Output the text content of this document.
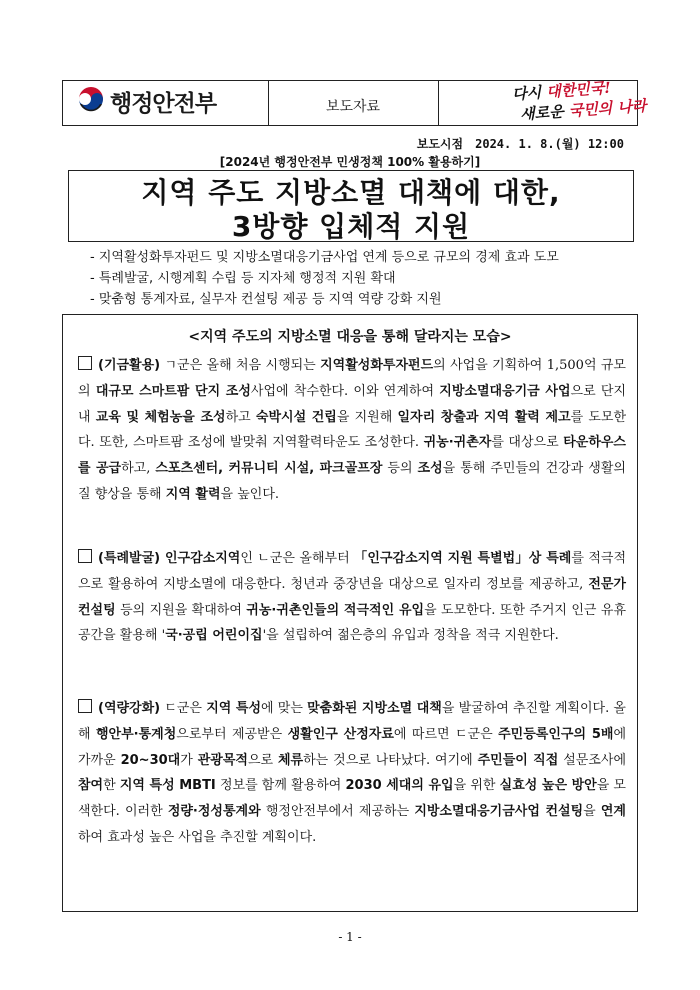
행정안전부	보도자료
다시 대한민국!
새로운 국민의 나라
보도시점 2024. 1. 8.(월) 12:00
[2024년 행정안전부 민생정책 100% 활용하기]
지역 주도 지방소멸 대책에 대한,
3방향 입체적 지원
- 지역활성화투자펀드 및 지방소멸대응기금사업 연계 등으로 규모의 경제 효과 도모
- 특례발굴, 시행계획 수립 등 지자체 행정적 지원 확대
- 맞춤형 통계자료, 실무자 컨설팅 제공 등 지역 역량 강화 지원
<지역 주도의 지방소멸 대응을 통해 달라지는 모습>

(기금활용) ㄱ군은 올해 처음 시행되는 지역활성화투자펀드의 사업을 기획하여 1,500억 규모의 대규모 스마트팜 단지 조성사업에 착수한다. 이와 연계하여 지방소멸대응기금 사업으로 단지 내 교육 및 체험농을 조성하고 숙박시설 건립을 지원해 일자리 창출과 지역 활력 제고를 도모한다. 또한, 스마트팜 조성에 발맞춰 지역활력타운도 조성한다. 귀농·귀촌자를 대상으로 타운하우스를 공급하고, 스포츠센터, 커뮤니티 시설, 파크골프장 등의 조성을 통해 주민들의 건강과 생활의 질 향상을 통해 지역 활력을 높인다.

(특례발굴) 인구감소지역인 ㄴ군은 올해부터 「인구감소지역 지원 특별법」상 특례를 적극적으로 활용하여 지방소멸에 대응한다. 청년과 중장년을 대상으로 일자리 정보를 제공하고, 전문가 컨설팅 등의 지원을 확대하여 귀농·귀촌인들의 적극적인 유입을 도모한다. 또한 주거지 인근 유휴공간을 활용해 '국·공립 어린이집'을 설립하여 젊은층의 유입과 정착을 적극 지원한다.

(역량강화) ㄷ군은 지역 특성에 맞는 맞춤화된 지방소멸 대책을 발굴하여 추진할 계획이다. 올해 행안부·통계청으로부터 제공받은 생활인구 산정자료에 따르면 ㄷ군은 주민등록인구의 5배에 가까운 20~30대가 관광목적으로 체류하는 것으로 나타났다. 여기에 주민들이 직접 설문조사에 참여한 지역 특성 MBTI 정보를 함께 활용하여 2030 세대의 유입을 위한 실효성 높은 방안을 모색한다. 이러한 정량·정성통계와 행정안전부에서 제공하는 지방소멸대응기금사업 컨설팅을 연계하여 효과성 높은 사업을 추진할 계획이다.

- 1 -
